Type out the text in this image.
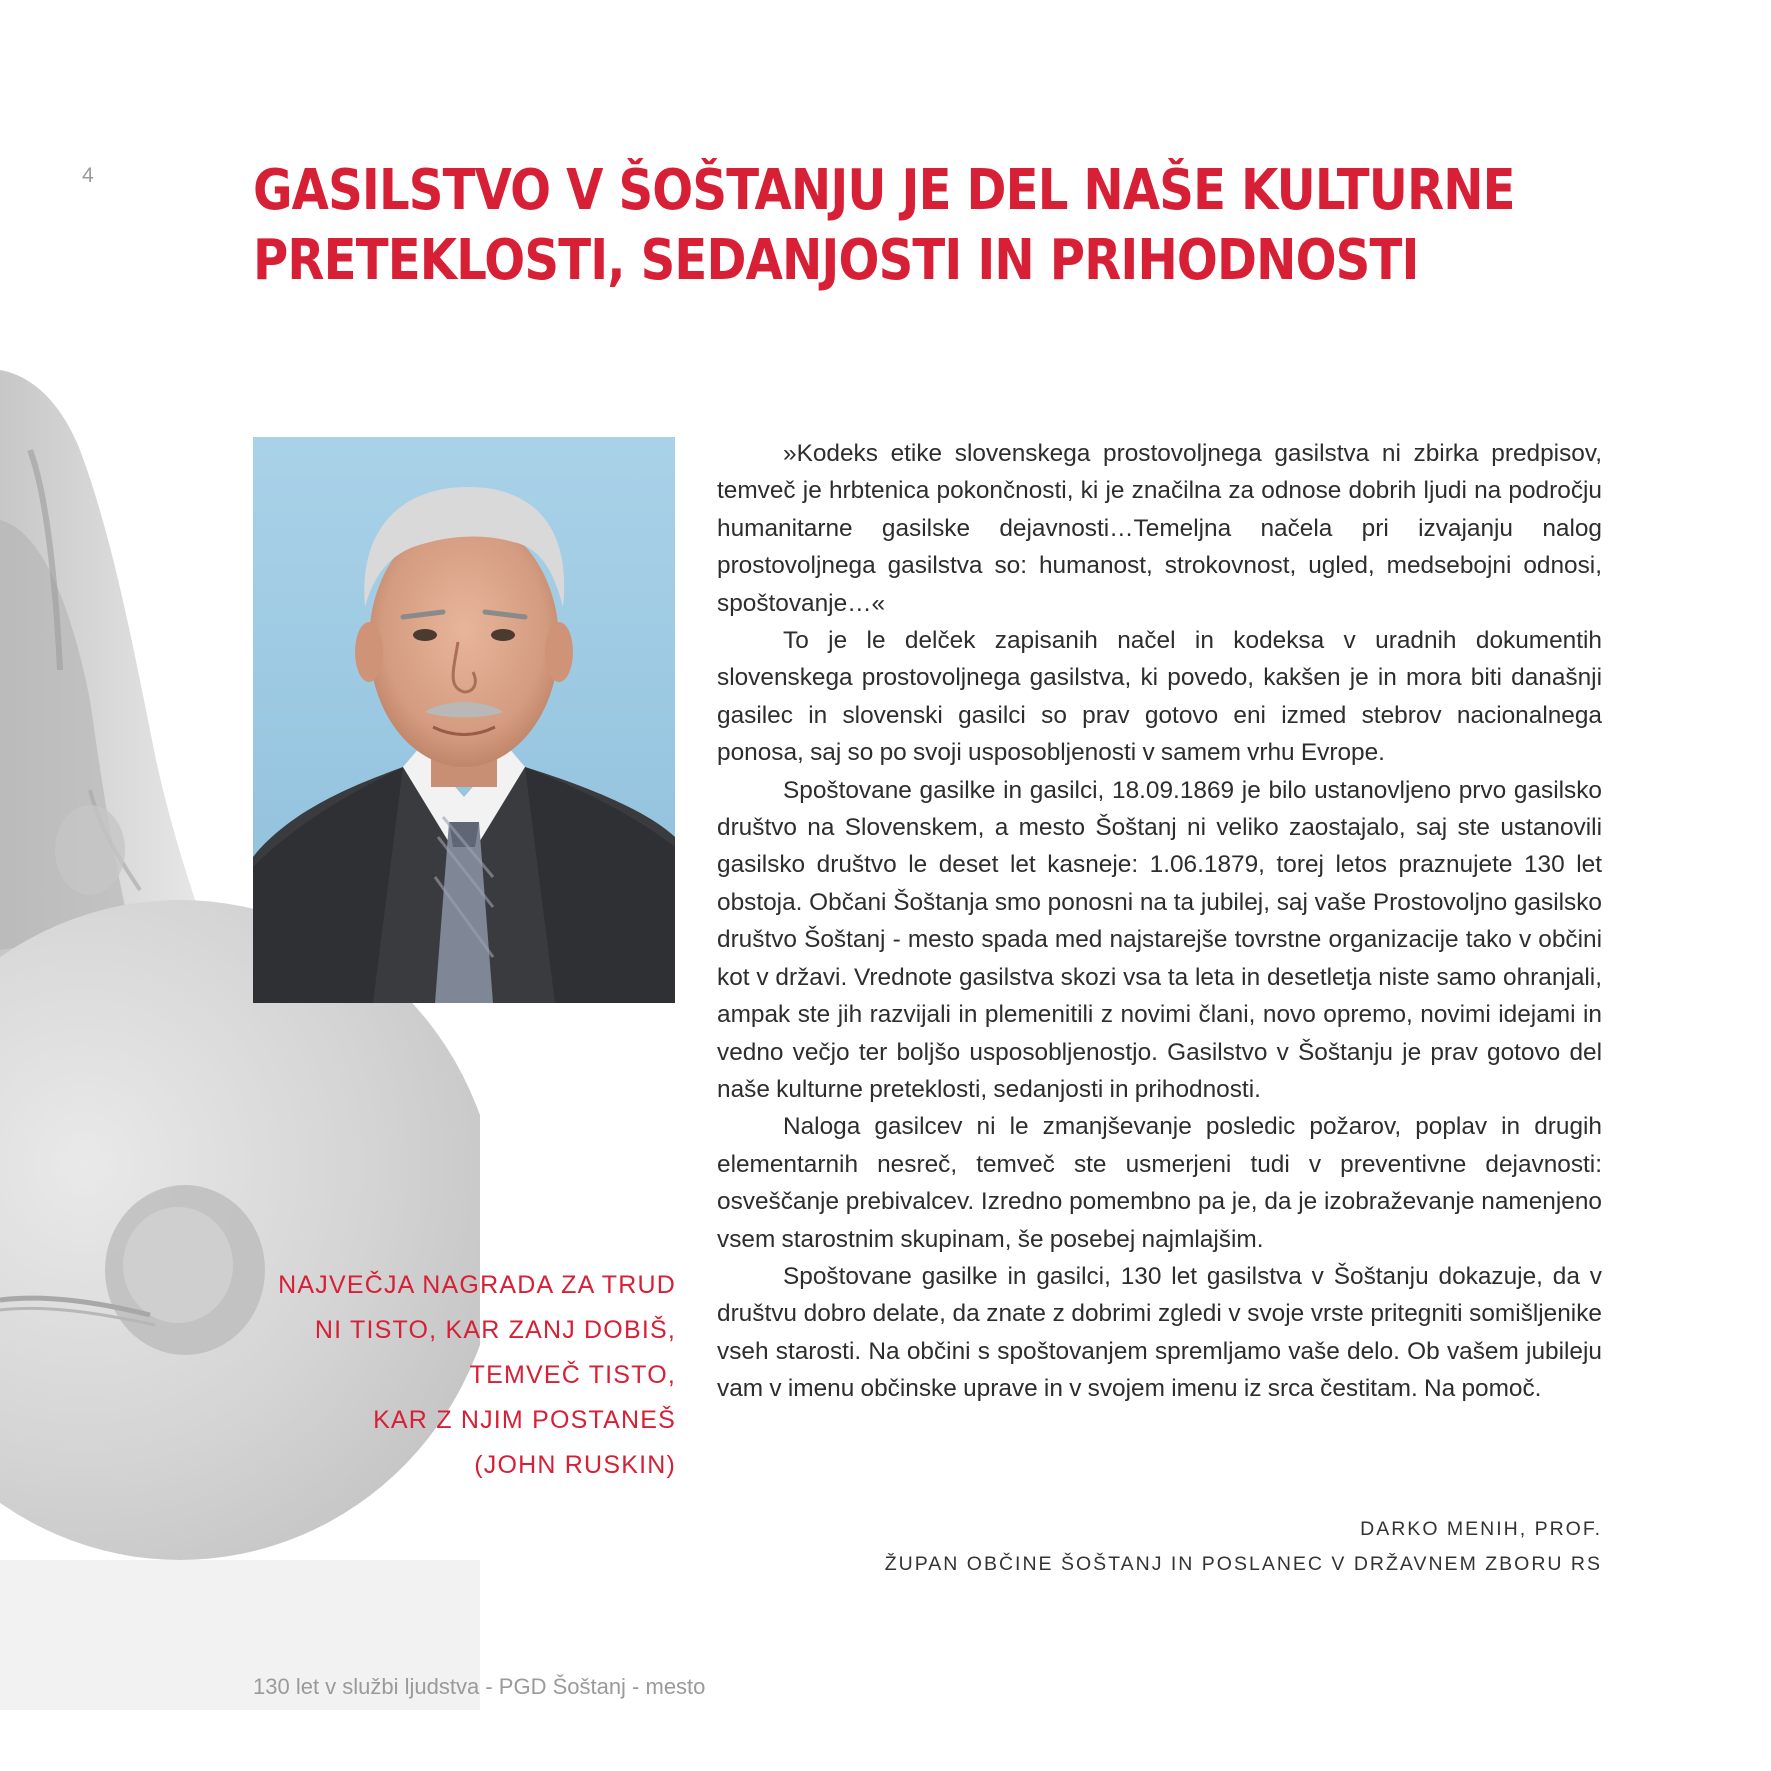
4	GASILSTVO V ŠOŠTANJU JE DEL NAŠE KULTURNE
PRETEKLOSTI, SEDANJOSTI IN PRIHODNOSTI
NAJVEČJA NAGRADA ZA TRUD
NI TISTO, KAR ZANJ DOBIŠ,
TEMVEČ TISTO,
KAR Z NJIM POSTANEŠ
(JOHN RUSKIN)

»Kodeks etike slovenskega prostovoljnega gasilstva ni zbirka predpisov, temveč je hrbtenica pokončnosti, ki je značilna za odnose dobrih ljudi na področju humanitarne gasilske dejavnosti…Temeljna načela pri izvajanju nalog prostovoljnega gasilstva so: humanost, strokovnost, ugled, medsebojni odnosi, spoštovanje…«

To je le delček zapisanih načel in kodeksa v uradnih dokumentih slovenskega prostovoljnega gasilstva, ki povedo, kakšen je in mora biti današnji gasilec in slovenski gasilci so prav gotovo eni izmed stebrov nacionalnega ponosa, saj so po svoji usposobljenosti v samem vrhu Evrope.

Spoštovane gasilke in gasilci, 18.09.1869 je bilo ustanovljeno prvo gasilsko društvo na Slovenskem, a mesto Šoštanj ni veliko zaostajalo, saj ste ustanovili gasilsko društvo le deset let kasneje: 1.06.1879, torej letos praznujete 130 let obstoja. Občani Šoštanja smo ponosni na ta jubilej, saj vaše Prostovoljno gasilsko društvo Šoštanj - mesto spada med najstarejše tovrstne organizacije tako v občini kot v državi. Vrednote gasilstva skozi vsa ta leta in desetletja niste samo ohranjali, ampak ste jih razvijali in plemenitili z novimi člani, novo opremo, novimi idejami in vedno večjo ter boljšo usposobljenostjo. Gasilstvo v Šoštanju je prav gotovo del naše kulturne preteklosti, sedanjosti in prihodnosti.

Naloga gasilcev ni le zmanjševanje posledic požarov, poplav in drugih elementarnih nesreč, temveč ste usmerjeni tudi v preventivne dejavnosti: osveščanje prebivalcev. Izredno pomembno pa je, da je izobraževanje namenjeno vsem starostnim skupinam, še posebej najmlajšim.

Spoštovane gasilke in gasilci, 130 let gasilstva v Šoštanju dokazuje, da v društvu dobro delate, da znate z dobrimi zgledi v svoje vrste pritegniti somišljenike vseh starosti. Na občini s spoštovanjem spremljamo vaše delo. Ob vašem jubileju vam v imenu občinske uprave in v svojem imenu iz srca čestitam. Na pomoč.

DARKO MENIH, PROF.
ŽUPAN OBČINE ŠOŠTANJ IN POSLANEC V DRŽAVNEM ZBORU RS
130 let v službi ljudstva - PGD Šoštanj - mesto
